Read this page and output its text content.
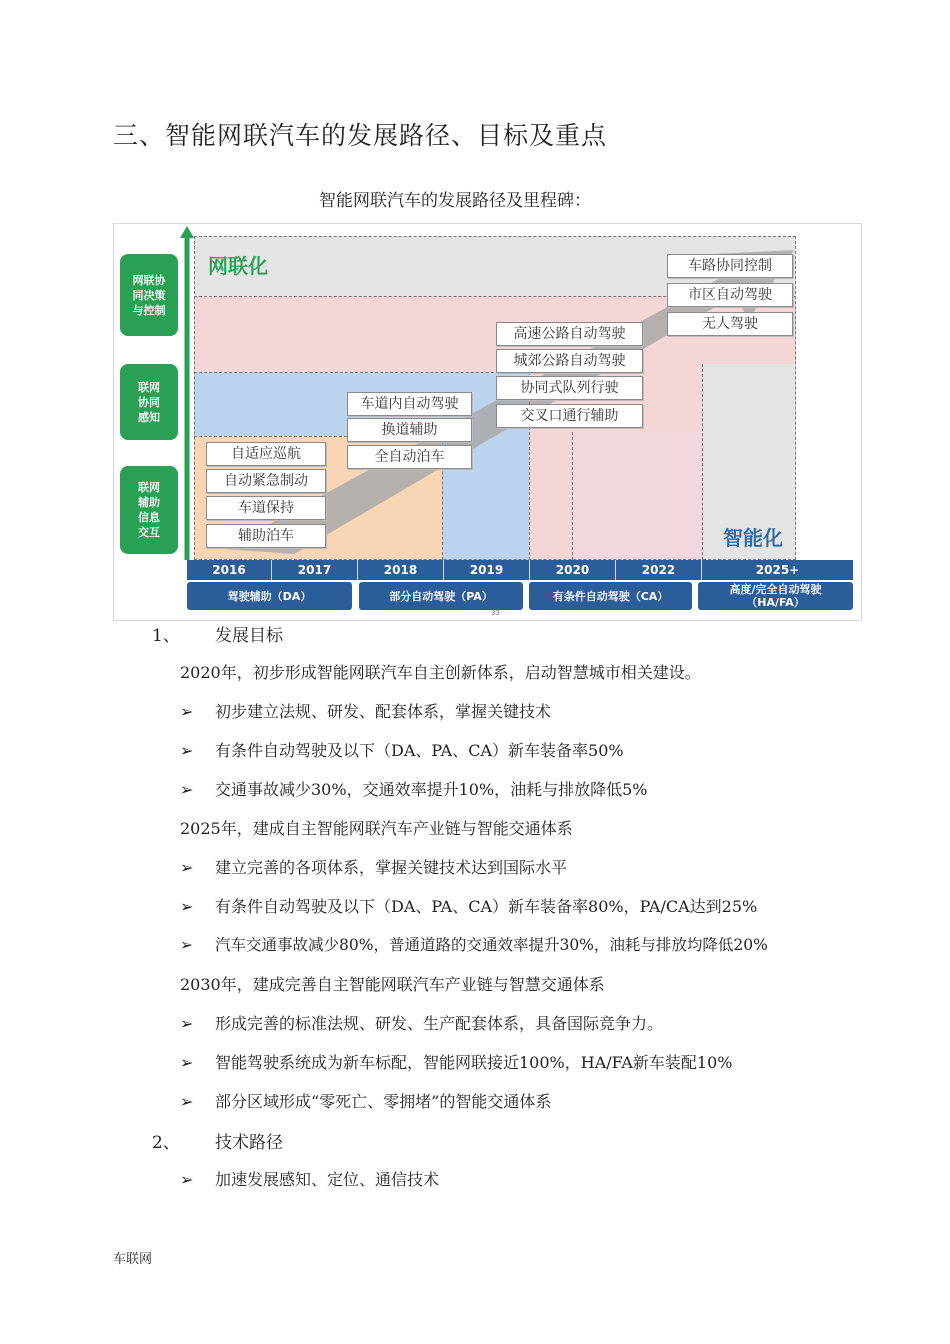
三、智能网联汽车的发展路径、目标及重点
智能网联汽车的发展路径及里程碑：
网联化
智能化
网联协
同决策
与控制
联网
协同
感知
联网
辅助
信息
交互
自适应巡航
自动紧急制动
车道保持
辅助泊车
车道内自动驾驶
换道辅助
全自动泊车
高速公路自动驾驶
城郊公路自动驾驶
协同式队列行驶
交叉口通行辅助
车路协同控制
市区自动驾驶
无人驾驶
2016	2017	2018	2019	2020	2022	2025+
驾驶辅助（DA）	部分自动驾驶（PA）	有条件自动驾驶（CA）	高度/完全自动驾驶
（HA/FA）
33
1、 发展目标
2020年，初步形成智能网联汽车自主创新体系，启动智慧城市相关建设。
➢ 初步建立法规、研发、配套体系，掌握关键技术
➢ 有条件自动驾驶及以下（DA、PA、CA）新车装备率50%
➢ 交通事故减少30%，交通效率提升10%，油耗与排放降低5%
2025年，建成自主智能网联汽车产业链与智能交通体系
➢ 建立完善的各项体系，掌握关键技术达到国际水平
➢ 有条件自动驾驶及以下（DA、PA、CA）新车装备率80%，PA/CA达到25%
➢ 汽车交通事故减少80%，普通道路的交通效率提升30%，油耗与排放均降低20%
2030年，建成完善自主智能网联汽车产业链与智慧交通体系
➢ 形成完善的标准法规、研发、生产配套体系，具备国际竞争力。
➢ 智能驾驶系统成为新车标配，智能网联接近100%，HA/FA新车装配10%
➢ 部分区域形成“零死亡、零拥堵”的智能交通体系
2、 技术路径
➢ 加速发展感知、定位、通信技术
车联网
